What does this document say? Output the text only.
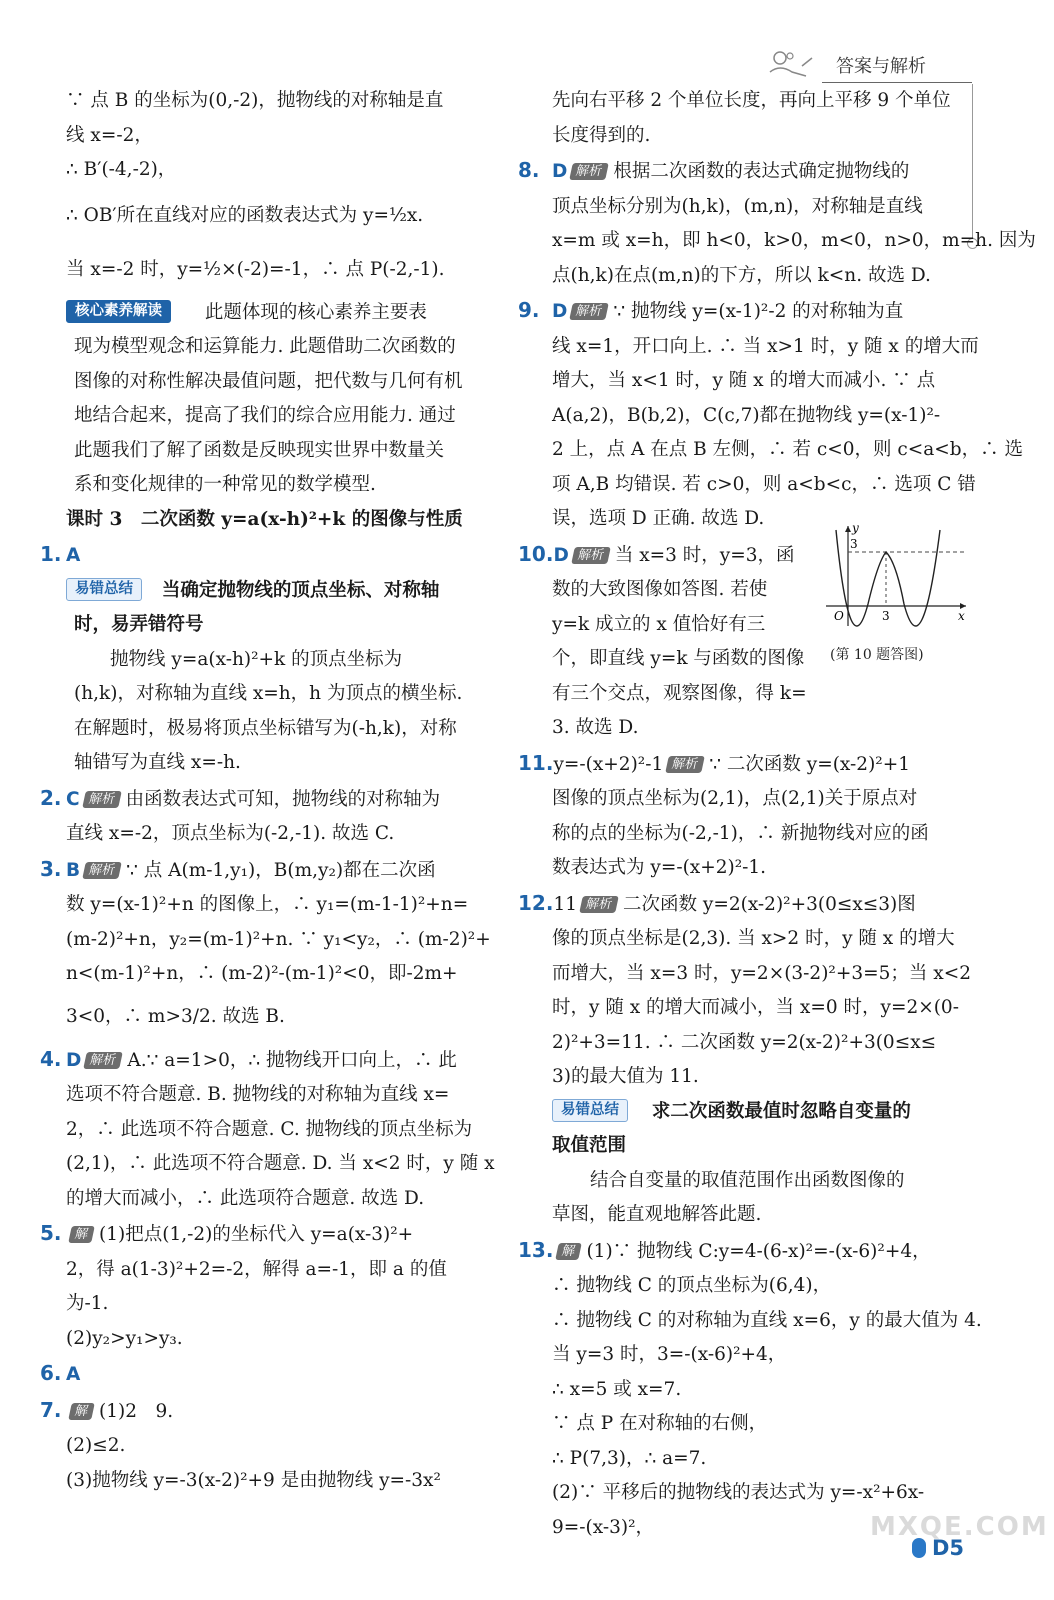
答案与解析
∵ 点 B 的坐标为(0,-2)，抛物线的对称轴是直
线 x=-2，
∴ B′(-4,-2)，
∴ OB′所在直线对应的函数表达式为 y=½x.
当 x=-2 时，y=½×(-2)=-1，∴ 点 P(-2,-1).
核心素养解读 此题体现的核心素养主要表
现为模型观念和运算能力. 此题借助二次函数的
图像的对称性解决最值问题，把代数与几何有机
地结合起来，提高了我们的综合应用能力. 通过
此题我们了解了函数是反映现实世界中数量关
系和变化规律的一种常见的数学模型.
课时 3　二次函数 y=a(x-h)²+k 的图像与性质
1. A
易错总结 当确定抛物线的顶点坐标、对称轴
时，易弄错符号
抛物线 y=a(x-h)²+k 的顶点坐标为
(h,k)，对称轴为直线 x=h，h 为顶点的横坐标.
在解题时，极易将顶点坐标错写为(-h,k)，对称
轴错写为直线 x=-h.
2. C 解析 由函数表达式可知，抛物线的对称轴为
直线 x=-2，顶点坐标为(-2,-1). 故选 C.
3. B 解析 ∵ 点 A(m-1,y₁)，B(m,y₂)都在二次函
数 y=(x-1)²+n 的图像上，∴ y₁=(m-1-1)²+n=
(m-2)²+n，y₂=(m-1)²+n. ∵ y₁<y₂，∴ (m-2)²+
n<(m-1)²+n，∴ (m-2)²-(m-1)²<0，即-2m+
3<0，∴ m>3/2. 故选 B.
4. D 解析 A.∵ a=1>0，∴ 抛物线开口向上，∴ 此
选项不符合题意. B. 抛物线的对称轴为直线 x=
2，∴ 此选项不符合题意. C. 抛物线的顶点坐标为
(2,1)，∴ 此选项不符合题意. D. 当 x<2 时，y 随 x
的增大而减小，∴ 此选项符合题意. 故选 D.
5. 解 (1)把点(1,-2)的坐标代入 y=a(x-3)²+
2，得 a(1-3)²+2=-2，解得 a=-1，即 a 的值
为-1.
(2)y₂>y₁>y₃.
6. A
7. 解 (1)2　9.
(2)≤2.
(3)抛物线 y=-3(x-2)²+9 是由抛物线 y=-3x²
先向右平移 2 个单位长度，再向上平移 9 个单位
长度得到的.
8. D 解析 根据二次函数的表达式确定抛物线的
顶点坐标分别为(h,k)，(m,n)，对称轴是直线
x=m 或 x=h，即 h<0，k>0，m<0，n>0，m=h. 因为
点(h,k)在点(m,n)的下方，所以 k<n. 故选 D.
9. D 解析 ∵ 抛物线 y=(x-1)²-2 的对称轴为直
线 x=1，开口向上. ∴ 当 x>1 时，y 随 x 的增大而
增大，当 x<1 时，y 随 x 的增大而减小. ∵ 点
A(a,2)，B(b,2)，C(c,7)都在抛物线 y=(x-1)²-
2 上，点 A 在点 B 左侧，∴ 若 c<0，则 c<a<b，∴ 选
项 A,B 均错误. 若 c>0，则 a<b<c，∴ 选项 C 错
误，选项 D 正确. 故选 D.
10.D 解析 当 x=3 时，y=3，函
数的大致图像如答图. 若使
y=k 成立的 x 值恰好有三
个，即直线 y=k 与函数的图像
有三个交点，观察图像，得 k=
3. 故选 D.
11.y=-(x+2)²-1 解析 ∵ 二次函数 y=(x-2)²+1
图像的顶点坐标为(2,1)，点(2,1)关于原点对
称的点的坐标为(-2,-1)，∴ 新抛物线对应的函
数表达式为 y=-(x+2)²-1.
12.11 解析 二次函数 y=2(x-2)²+3(0≤x≤3)图
像的顶点坐标是(2,3). 当 x>2 时，y 随 x 的增大
而增大，当 x=3 时，y=2×(3-2)²+3=5；当 x<2
时，y 随 x 的增大而减小，当 x=0 时，y=2×(0-
2)²+3=11. ∴ 二次函数 y=2(x-2)²+3(0≤x≤
3)的最大值为 11.
易错总结 求二次函数最值时忽略自变量的
取值范围
结合自变量的取值范围作出函数图像的
草图，能直观地解答此题.
13. 解 (1)∵ 抛物线 C:y=4-(6-x)²=-(x-6)²+4，
∴ 抛物线 C 的顶点坐标为(6,4)，
∴ 抛物线 C 的对称轴为直线 x=6，y 的最大值为 4.
当 y=3 时，3=-(x-6)²+4，
∴ x=5 或 x=7.
∵ 点 P 在对称轴的右侧，
∴ P(7,3)，∴ a=7.
(2)∵ 平移后的抛物线的表达式为 y=-x²+6x-
9=-(x-3)²，
3
3
O
y
x
(第 10 题答图)
D5
MXQE.COM
